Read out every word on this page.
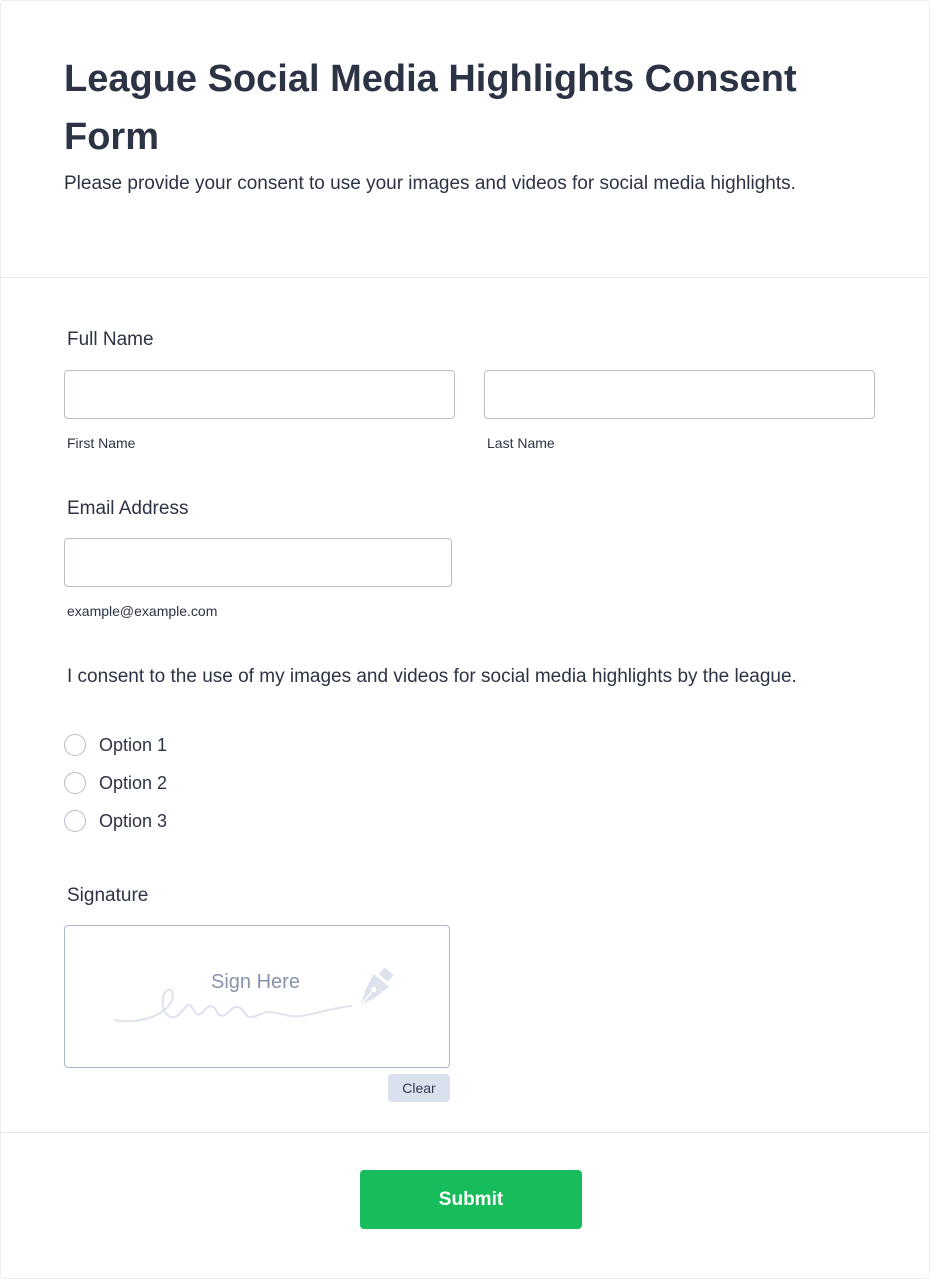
League Social Media Highlights Consent Form

Please provide your consent to use your images and videos for social media highlights.

Full Name
First Name	Last Name
Email Address
example@example.com
I consent to the use of my images and videos for social media highlights by the league.
Option 1
Option 2
Option 3
Signature
Sign Here
Clear
Submit
